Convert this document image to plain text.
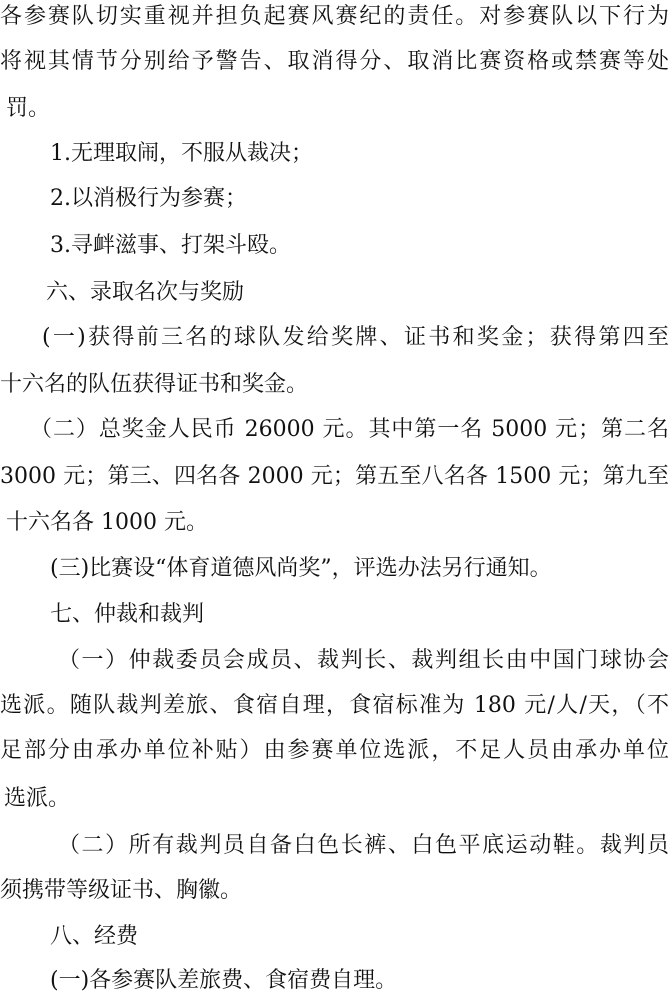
各参赛队切实重视并担负起赛风赛纪的责任。对参赛队以下行为
将视其情节分别给予警告、取消得分、取消比赛资格或禁赛等处
罚。
1.无理取闹，不服从裁决；
2.以消极行为参赛；
3.寻衅滋事、打架斗殴。
六、录取名次与奖励
(一)获得前三名的球队发给奖牌、证书和奖金；获得第四至
十六名的队伍获得证书和奖金。
（二）总奖金人民币 26000 元。其中第一名 5000 元；第二名
3000 元；第三、四名各 2000 元；第五至八名各 1500 元；第九至
十六名各 1000 元。
(三)比赛设“体育道德风尚奖”，评选办法另行通知。
七、仲裁和裁判
（一）仲裁委员会成员、裁判长、裁判组长由中国门球协会
选派。随队裁判差旅、食宿自理，食宿标准为 180 元/人/天，（不
足部分由承办单位补贴）由参赛单位选派，不足人员由承办单位
选派。
（二）所有裁判员自备白色长裤、白色平底运动鞋。裁判员
须携带等级证书、胸徽。
八、经费
(一)各参赛队差旅费、食宿费自理。
